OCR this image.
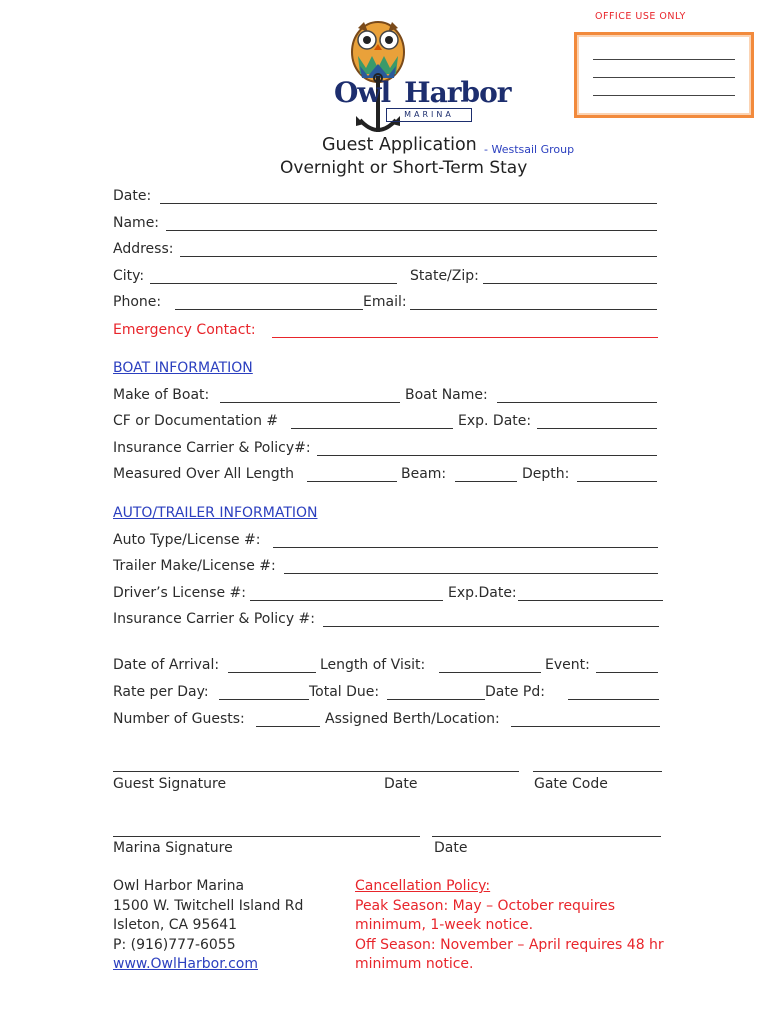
OFFICE USE ONLY
Owl Harbor
MARINA
Guest Application - Westsail Group
Overnight or Short-Term Stay
Date:
Name:
Address:
City:	State/Zip:
Phone:	Email:
Emergency Contact:
BOAT INFORMATION
Make of Boat:	Boat Name:
CF or Documentation #	Exp. Date:
Insurance Carrier & Policy#:
Measured Over All Length	Beam:	Depth:
AUTO/TRAILER INFORMATION
Auto Type/License #:
Trailer Make/License #:
Driver’s License #:	Exp.Date:
Insurance Carrier & Policy #:
Date of Arrival:	Length of Visit:	Event:
Rate per Day:	Total Due:	Date Pd:
Number of Guests:	Assigned Berth/Location:
Guest Signature	Date	Gate Code
Marina Signature	Date
Owl Harbor Marina
1500 W. Twitchell Island Rd
Isleton, CA 95641
P: (916)777-6055
www.OwlHarbor.com
Cancellation Policy:
Peak Season: May – October requires
minimum, 1-week notice.
Off Season: November – April requires 48 hr
minimum notice.
